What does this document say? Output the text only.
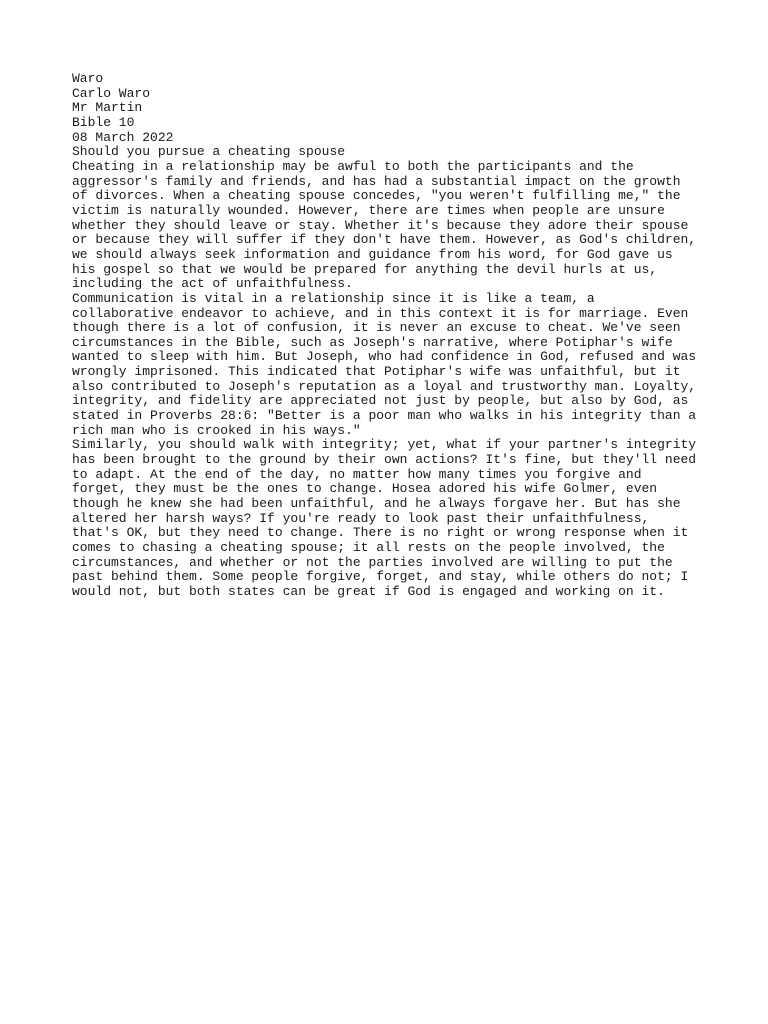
Waro

Carlo Waro

Mr Martin

Bible 10

08 March 2022

Should you pursue a cheating spouse

Cheating in a relationship may be awful to both the participants and the aggressor's family and friends, and has had a substantial impact on the growth of divorces. When a cheating spouse concedes, "you weren't fulfilling me," the victim is naturally wounded. However, there are times when people are unsure whether they should leave or stay. Whether it's because they adore their spouse or because they will suffer if they don't have them. However, as God's children, we should always seek information and guidance from his word, for God gave us his gospel so that we would be prepared for anything the devil hurls at us, including the act of unfaithfulness.

Communication is vital in a relationship since it is like a team, a collaborative endeavor to achieve, and in this context it is for marriage. Even though there is a lot of confusion, it is never an excuse to cheat. We've seen circumstances in the Bible, such as Joseph's narrative, where Potiphar's wife wanted to sleep with him. But Joseph, who had confidence in God, refused and was wrongly imprisoned. This indicated that Potiphar's wife was unfaithful, but it also contributed to Joseph's reputation as a loyal and trustworthy man. Loyalty, integrity, and fidelity are appreciated not just by people, but also by God, as stated in Proverbs 28:6: "Better is a poor man who walks in his integrity than a rich man who is crooked in his ways."

Similarly, you should walk with integrity; yet, what if your partner's integrity has been brought to the ground by their own actions? It's fine, but they'll need to adapt. At the end of the day, no matter how many times you forgive and forget, they must be the ones to change. Hosea adored his wife Golmer, even though he knew she had been unfaithful, and he always forgave her. But has she altered her harsh ways? If you're ready to look past their unfaithfulness, that's OK, but they need to change. There is no right or wrong response when it comes to chasing a cheating spouse; it all rests on the people involved, the circumstances, and whether or not the parties involved are willing to put the past behind them. Some people forgive, forget, and stay, while others do not; I would not, but both states can be great if God is engaged and working on it.
